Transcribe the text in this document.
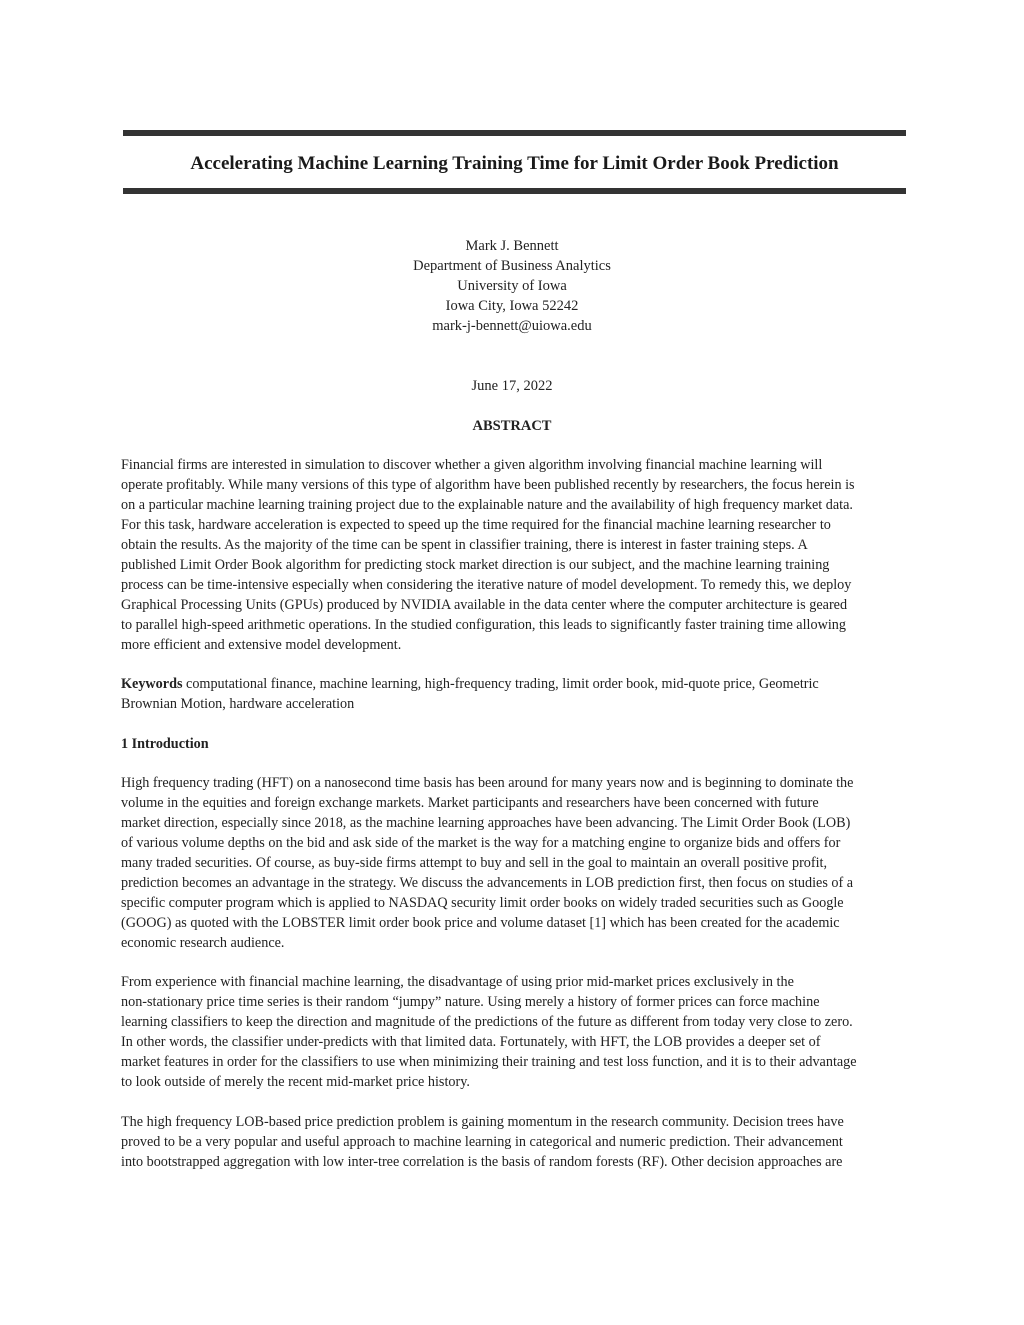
Accelerating Machine Learning Training Time for Limit Order Book Prediction
Mark J. Bennett
Department of Business Analytics
University of Iowa
Iowa City, Iowa 52242
mark-j-bennett@uiowa.edu
June 17, 2022
ABSTRACT

Financial firms are interested in simulation to discover whether a given algorithm involving financial machine learning will
operate profitably. While many versions of this type of algorithm have been published recently by researchers, the focus herein is
on a particular machine learning training project due to the explainable nature and the availability of high frequency market data.
For this task, hardware acceleration is expected to speed up the time required for the financial machine learning researcher to
obtain the results. As the majority of the time can be spent in classifier training, there is interest in faster training steps. A
published Limit Order Book algorithm for predicting stock market direction is our subject, and the machine learning training
process can be time-intensive especially when considering the iterative nature of model development. To remedy this, we deploy
Graphical Processing Units (GPUs) produced by NVIDIA available in the data center where the computer architecture is geared
to parallel high-speed arithmetic operations. In the studied configuration, this leads to significantly faster training time allowing
more efficient and extensive model development.

Keywords computational finance, machine learning, high-frequency trading, limit order book, mid-quote price, Geometric
Brownian Motion, hardware acceleration

1 Introduction

High frequency trading (HFT) on a nanosecond time basis has been around for many years now and is beginning to dominate the
volume in the equities and foreign exchange markets. Market participants and researchers have been concerned with future
market direction, especially since 2018, as the machine learning approaches have been advancing. The Limit Order Book (LOB)
of various volume depths on the bid and ask side of the market is the way for a matching engine to organize bids and offers for
many traded securities. Of course, as buy-side firms attempt to buy and sell in the goal to maintain an overall positive profit,
prediction becomes an advantage in the strategy. We discuss the advancements in LOB prediction first, then focus on studies of a
specific computer program which is applied to NASDAQ security limit order books on widely traded securities such as Google
(GOOG) as quoted with the LOBSTER limit order book price and volume dataset [1] which has been created for the academic
economic research audience.

From experience with financial machine learning, the disadvantage of using prior mid-market prices exclusively in the
non-stationary price time series is their random “jumpy” nature. Using merely a history of former prices can force machine
learning classifiers to keep the direction and magnitude of the predictions of the future as different from today very close to zero.
In other words, the classifier under-predicts with that limited data. Fortunately, with HFT, the LOB provides a deeper set of
market features in order for the classifiers to use when minimizing their training and test loss function, and it is to their advantage
to look outside of merely the recent mid-market price history.

The high frequency LOB-based price prediction problem is gaining momentum in the research community. Decision trees have
proved to be a very popular and useful approach to machine learning in categorical and numeric prediction. Their advancement
into bootstrapped aggregation with low inter-tree correlation is the basis of random forests (RF). Other decision approaches are
